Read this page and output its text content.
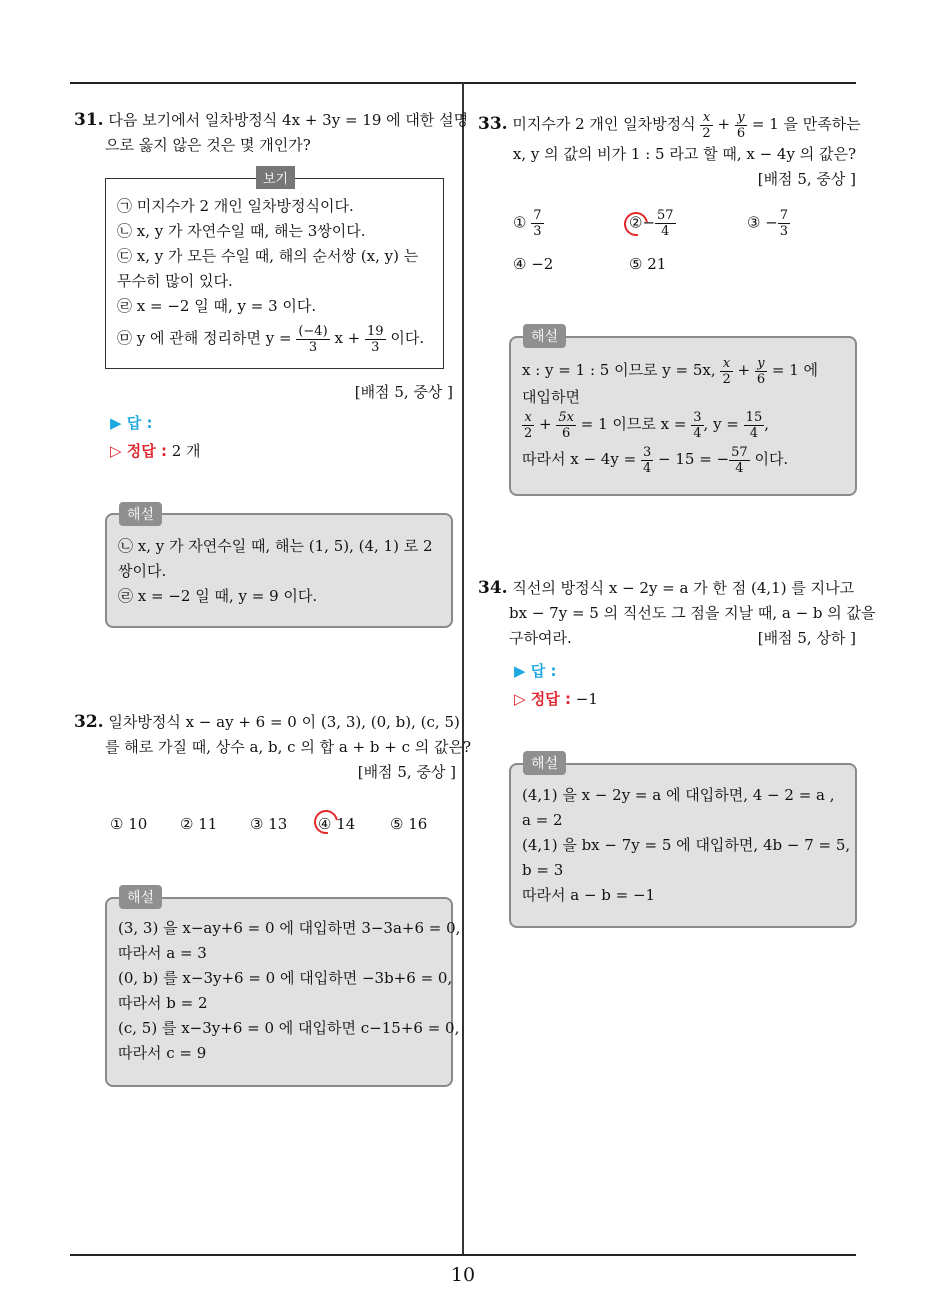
10
31. 다음 보기에서 일차방정식 4x + 3y = 19 에 대한 설명
으로 옳지 않은 것은 몇 개인가?
보기
㉠ 미지수가 2 개인 일차방정식이다.
㉡ x, y 가 자연수일 때, 해는 3쌍이다.
㉢ x, y 가 모든 수일 때, 해의 순서쌍 (x, y) 는
무수히 많이 있다.
㉣ x = −2 일 때, y = 3 이다.
㉤ y 에 관해 정리하면 $y = \frac{(-4)}{3}$ $x + \frac{19}{3}$ 이다.
[배점 5, 중상 ]
▶ 답 :
▷ 정답 : 2 개
해설
㉡ x, y 가 자연수일 때, 해는 (1, 5), (4, 1) 로 2
쌍이다.
㉣ x = −2 일 때, y = 9 이다.
32. 일차방정식 x − ay + 6 = 0 이 (3, 3), (0, b), (c, 5)
를 해로 가질 때, 상수 a, b, c 의 합 a + b + c 의 값은?
[배점 5, 중상 ]
① 10 ② 11 ③ 13 ④ 14 ⑤ 16
해설
(3, 3) 을 x−ay+6 = 0 에 대입하면 3−3a+6 = 0,
따라서 a = 3
(0, b) 를 x−3y+6 = 0 에 대입하면 −3b+6 = 0,
따라서 b = 2
(c, 5) 를 x−3y+6 = 0 에 대입하면 c−15+6 = 0,
따라서 c = 9
33. 미지수가 2 개인 일차방정식 $\frac{x}{2} + \frac{y}{6} = 1$ 을 만족하는
x, y 의 값의 비가 1 : 5 라고 할 때, x − 4y 의 값은?
[배점 5, 중상 ]
① $\frac{7}{3}$	②− $\frac{57}{4}$	③ − $\frac{7}{3}$
④ −2	⑤ 21
해설
x : y = 1 : 5 이므로 y = 5x, $\frac{x}{2} + \frac{y}{6} = 1$ 에
대입하면
$\frac{x}{2} + \frac{5x}{6} = 1$ 이므로 $x = \frac{3}{4}$ , $y = \frac{15}{4}$ ,
따라서 $x - 4y = \frac{3}{4} - 15$ = − $\frac{57}{4}$ 이다.
34. 직선의 방정식 x − 2y = a 가 한 점 (4,1) 를 지나고
bx − 7y = 5 의 직선도 그 점을 지날 때, a − b 의 값을
구하여라.	[배점 5, 상하 ]
▶ 답 :
▷ 정답 : −1
해설
(4,1) 을 x − 2y = a 에 대입하면, 4 − 2 = a ,
a = 2
(4,1) 을 bx − 7y = 5 에 대입하면, 4b − 7 = 5,
b = 3
따라서 a − b = −1
